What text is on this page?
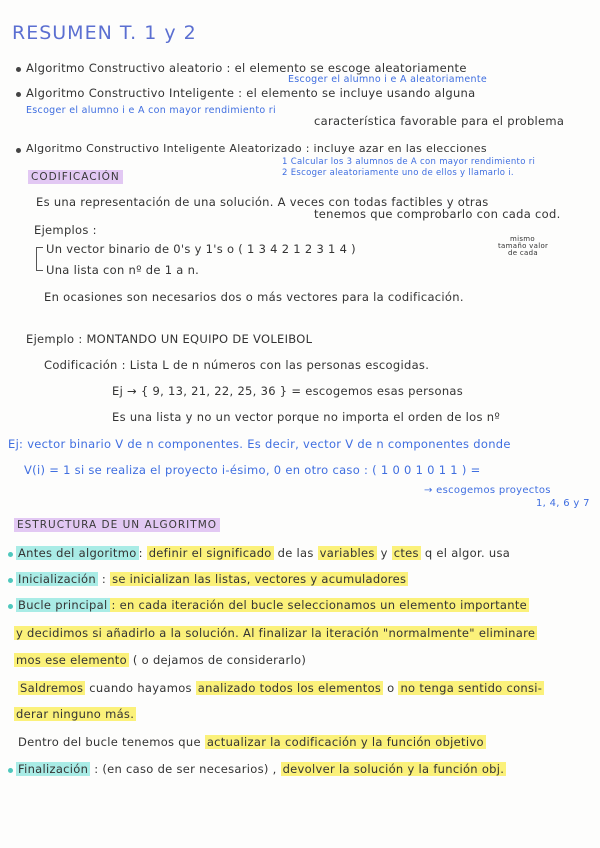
RESUMEN T. 1 y 2
Algoritmo Constructivo aleatorio : el elemento se escoge aleatoriamente
Escoger el alumno i e A aleatoriamente
Algoritmo Constructivo Inteligente : el elemento se incluye usando alguna
Escoger el alumno i e A con mayor rendimiento ri
característica favorable para el problema
Algoritmo Constructivo Inteligente Aleatorizado : incluye azar en las elecciones
1 Calcular los 3 alumnos de A con mayor rendimiento ri
2 Escoger aleatoriamente uno de ellos y llamarlo i.
CODIFICACIÓN
Es una representación de una solución. A veces con todas factibles y otras
tenemos que comprobarlo con cada cod.
Ejemplos :
Un vector binario de 0's y 1's o ( 1 3 4 2 1 2 3 1 4 )
mismo
tamaño valor
de cada
Una lista con nº de 1 a n.
En ocasiones son necesarios dos o más vectores para la codificación.
Ejemplo : MONTANDO UN EQUIPO DE VOLEIBOL
Codificación : Lista L de n números con las personas escogidas.
Ej → { 9, 13, 21, 22, 25, 36 } = escogemos esas personas
Es una lista y no un vector porque no importa el orden de los nº
Ej: vector binario V de n componentes. Es decir, vector V de n componentes donde
V(i) = 1 si se realiza el proyecto i-ésimo, 0 en otro caso : ( 1 0 0 1 0 1 1 ) =
→ escogemos proyectos
1, 4, 6 y 7
ESTRUCTURA DE UN ALGORITMO
Antes del algoritmo : definir el significado de las variables y ctes q el algor. usa
Inicialización : se inicializan las listas, vectores y acumuladores
Bucle principal : en cada iteración del bucle seleccionamos un elemento importante
y decidimos si añadirlo a la solución. Al finalizar la iteración "normalmente" eliminare
mos ese elemento ( o dejamos de considerarlo)
Saldremos cuando hayamos analizado todos los elementos o no tenga sentido consi-
derar ninguno más.
Dentro del bucle tenemos que actualizar la codificación y la función objetivo
Finalización : (en caso de ser necesarios) , devolver la solución y la función obj.
